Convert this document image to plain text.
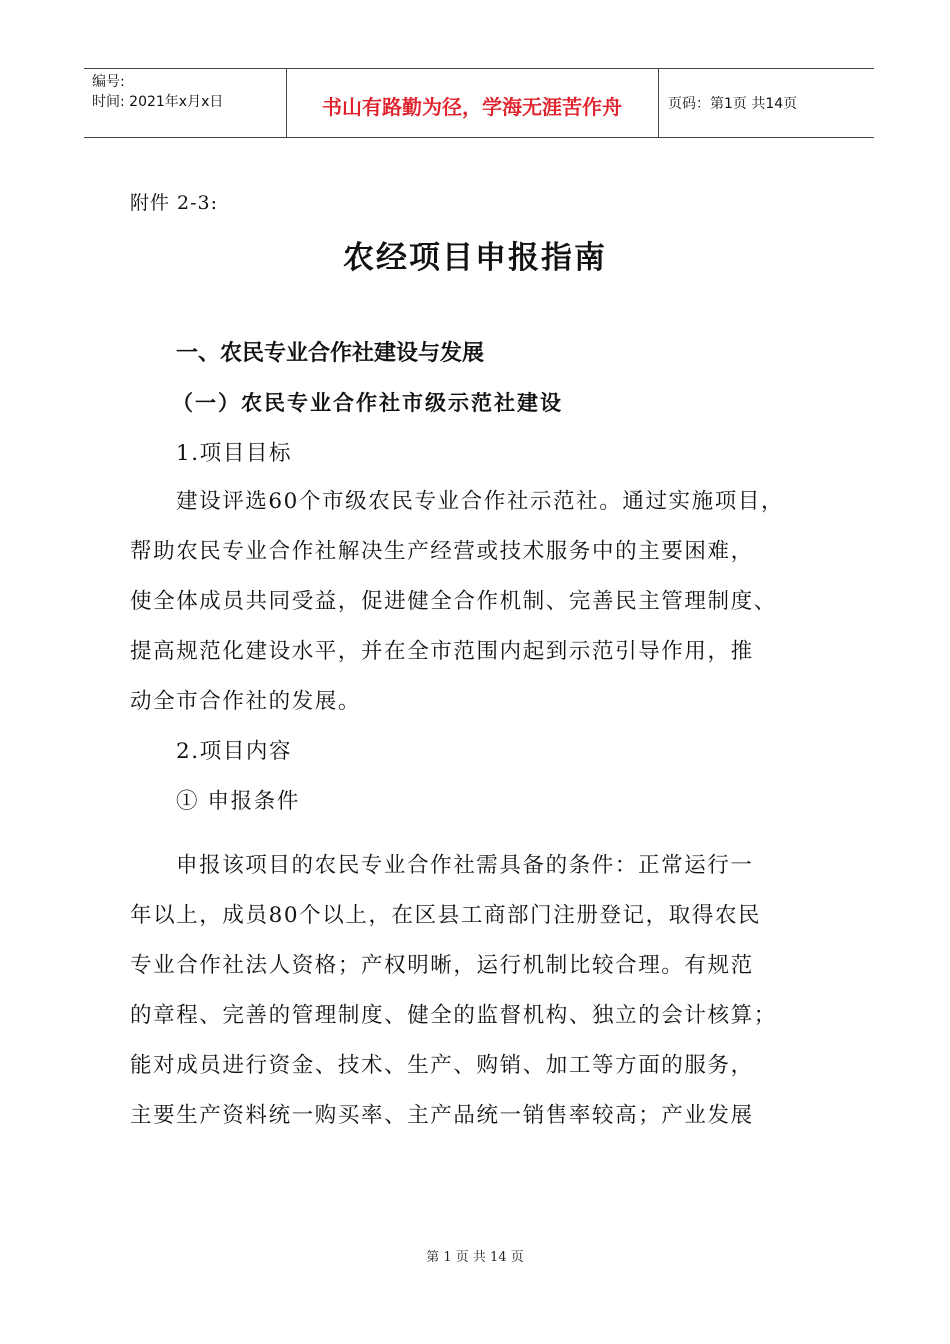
编号:
时间: 2021年x月x日	书山有路勤为径，学海无涯苦作舟	页码：第1页 共14页
附件 2-3:
农经项目申报指南
一、农民专业合作社建设与发展
（一）农民专业合作社市级示范社建设
1.项目目标
建设评选60个市级农民专业合作社示范社。通过实施项目，
帮助农民专业合作社解决生产经营或技术服务中的主要困难，
使全体成员共同受益，促进健全合作机制、完善民主管理制度、
提高规范化建设水平，并在全市范围内起到示范引导作用，推
动全市合作社的发展。
2.项目内容
① 申报条件
申报该项目的农民专业合作社需具备的条件：正常运行一
年以上，成员80个以上，在区县工商部门注册登记，取得农民
专业合作社法人资格；产权明晰，运行机制比较合理。有规范
的章程、完善的管理制度、健全的监督机构、独立的会计核算；
能对成员进行资金、技术、生产、购销、加工等方面的服务，
主要生产资料统一购买率、主产品统一销售率较高；产业发展
第 1 页 共 14 页
